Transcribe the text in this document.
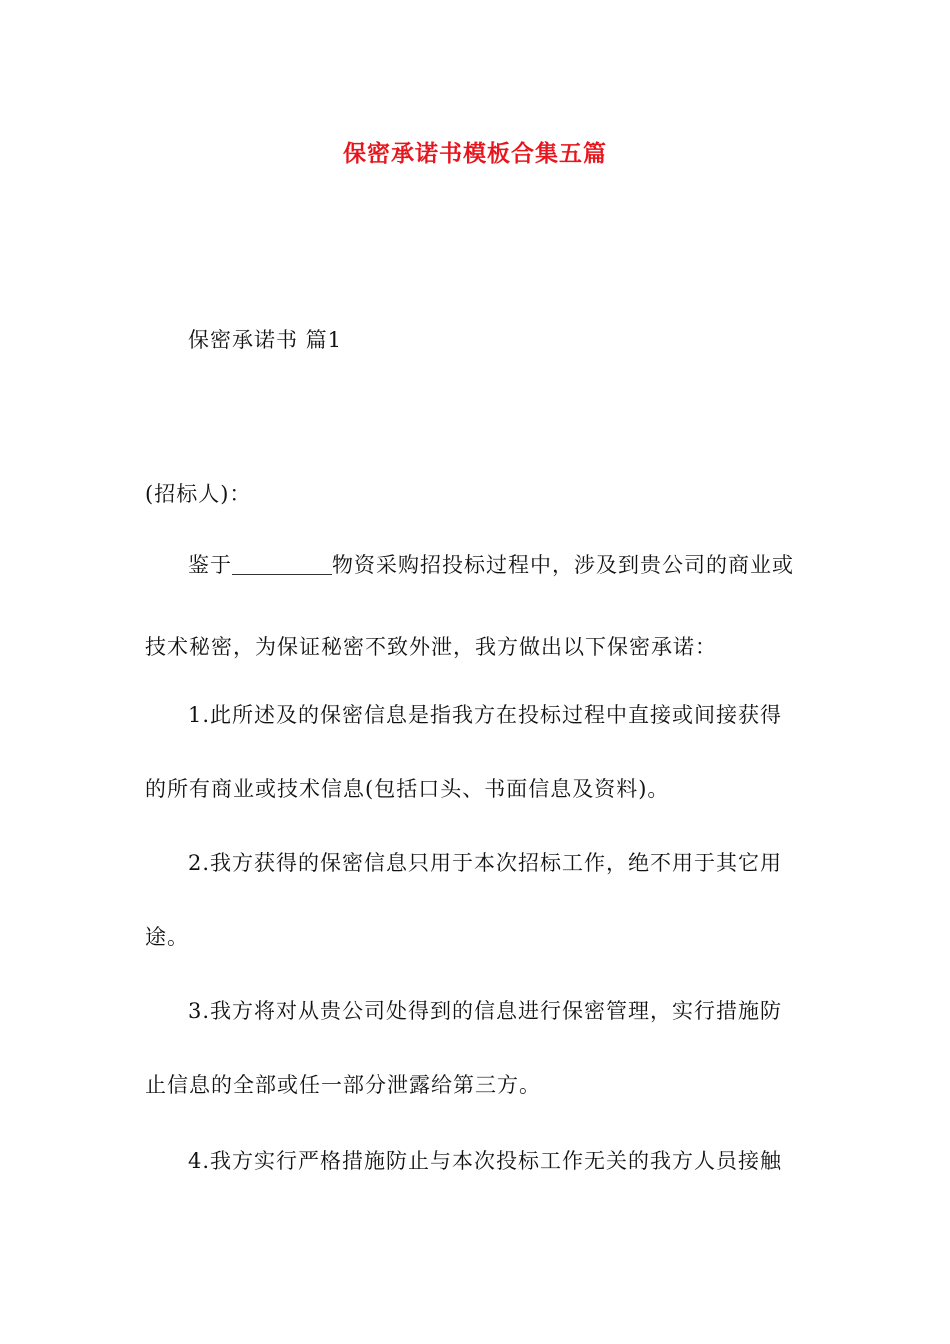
保密承诺书模板合集五篇
保密承诺书 篇1
(招标人)：
鉴于	物资采购招投标过程中，涉及到贵公司的商业或
技术秘密，为保证秘密不致外泄，我方做出以下保密承诺：
1.此所述及的保密信息是指我方在投标过程中直接或间接获得
的所有商业或技术信息(包括口头、书面信息及资料)。
2.我方获得的保密信息只用于本次招标工作，绝不用于其它用
途。
3.我方将对从贵公司处得到的信息进行保密管理，实行措施防
止信息的全部或任一部分泄露给第三方。
4.我方实行严格措施防止与本次投标工作无关的我方人员接触
